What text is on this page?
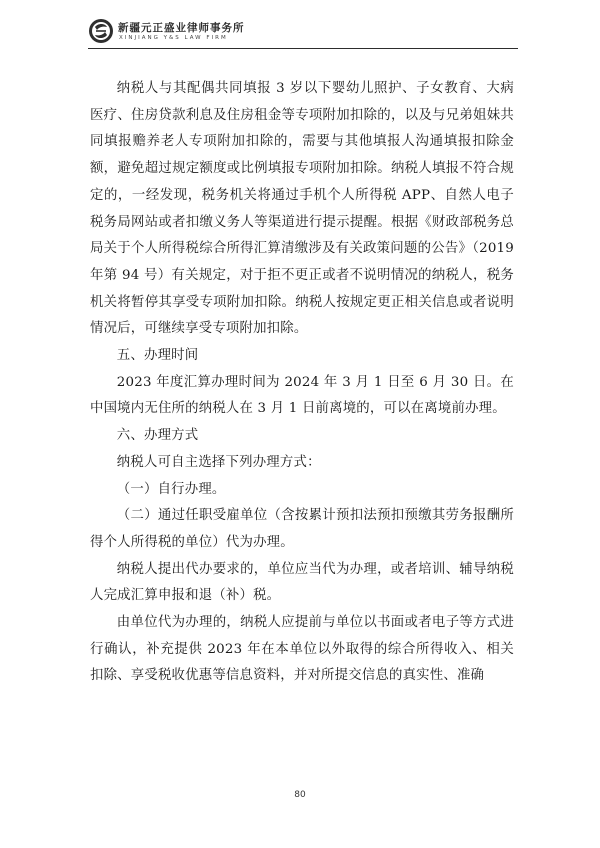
新疆元正盛业律师事务所
XINJIANG Y&S LAW FIRM

纳税人与其配偶共同填报 3 岁以下婴幼儿照护、子女教育、大病医疗、住房贷款利息及住房租金等专项附加扣除的，以及与兄弟姐妹共同填报赡养老人专项附加扣除的，需要与其他填报人沟通填报扣除金额，避免超过规定额度或比例填报专项附加扣除。纳税人填报不符合规定的，一经发现，税务机关将通过手机个人所得税 APP、自然人电子税务局网站或者扣缴义务人等渠道进行提示提醒。根据《财政部税务总局关于个人所得税综合所得汇算清缴涉及有关政策问题的公告》（2019 年第 94 号）有关规定，对于拒不更正或者不说明情况的纳税人，税务机关将暂停其享受专项附加扣除。纳税人按规定更正相关信息或者说明情况后，可继续享受专项附加扣除。

五、办理时间

2023 年度汇算办理时间为 2024 年 3 月 1 日至 6 月 30 日。在中国境内无住所的纳税人在 3 月 1 日前离境的，可以在离境前办理。

六、办理方式

纳税人可自主选择下列办理方式：

（一）自行办理。

（二）通过任职受雇单位（含按累计预扣法预扣预缴其劳务报酬所得个人所得税的单位）代为办理。

纳税人提出代办要求的，单位应当代为办理，或者培训、辅导纳税人完成汇算申报和退（补）税。

由单位代为办理的，纳税人应提前与单位以书面或者电子等方式进行确认，补充提供 2023 年在本单位以外取得的综合所得收入、相关扣除、享受税收优惠等信息资料，并对所提交信息的真实性、准确

80
